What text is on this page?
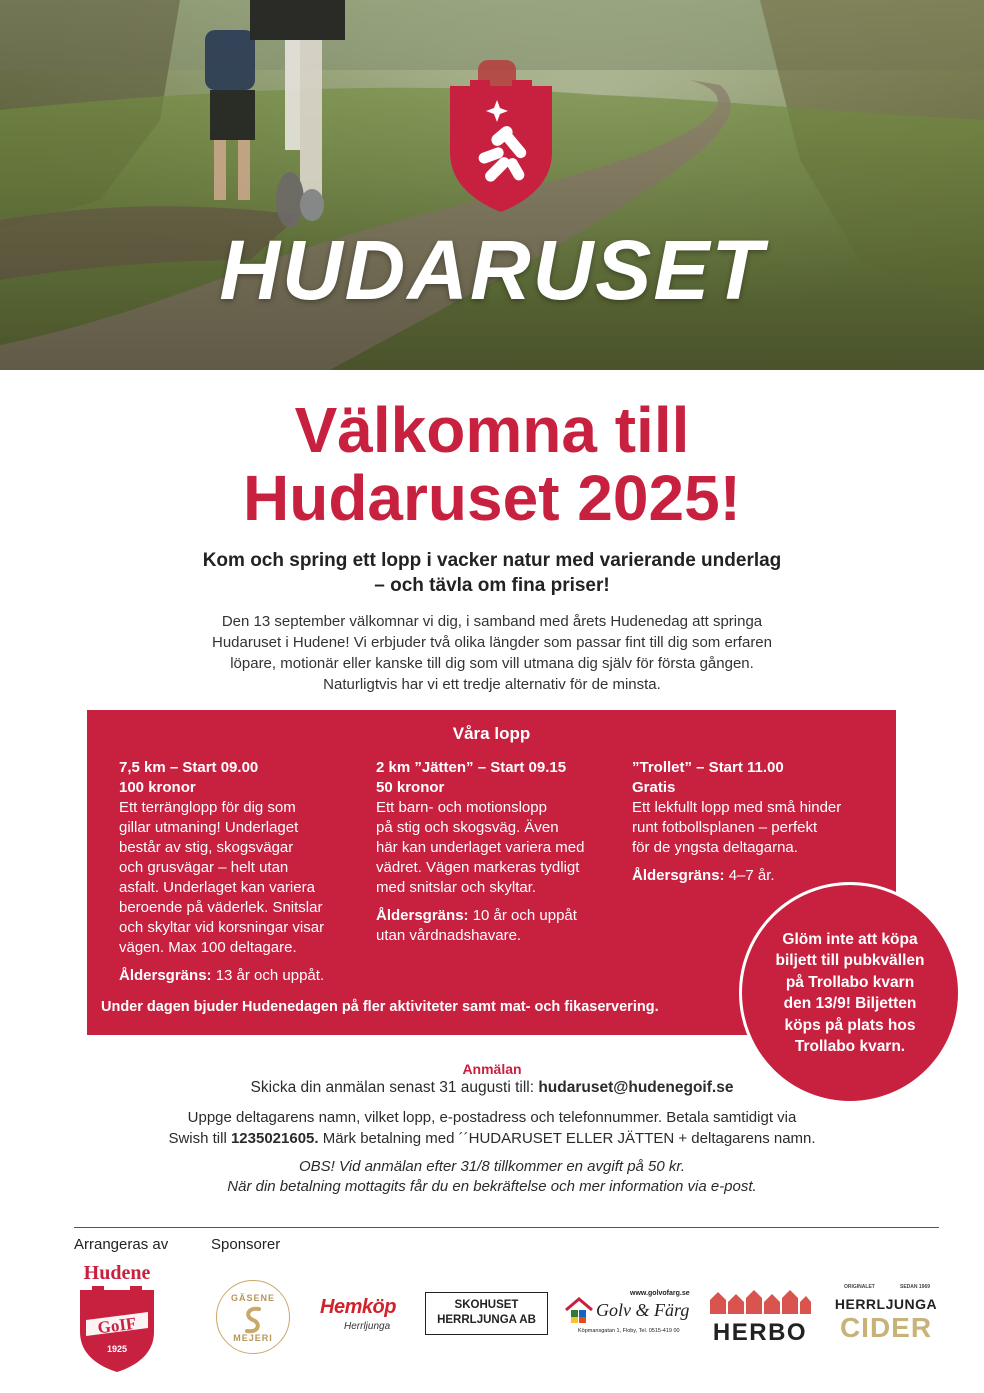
HUDARUSET
Välkomna till
Hudaruset 2025!
Kom och spring ett lopp i vacker natur med varierande underlag
– och tävla om fina priser!
Den 13 september välkomnar vi dig, i samband med årets Hudenedag att springa
Hudaruset i Hudene! Vi erbjuder två olika längder som passar fint till dig som erfaren
löpare, motionär eller kanske till dig som vill utmana dig själv för första gången.
Naturligtvis har vi ett tredje alternativ för de minsta.
Våra lopp
7,5 km – Start 09.00
100 kronor
Ett terränglopp för dig som
gillar utmaning! Underlaget
består av stig, skogsvägar
och grusvägar – helt utan
asfalt. Underlaget kan variera
beroende på väderlek. Snitslar
och skyltar vid korsningar visar
vägen. Max 100 deltagare.
Åldersgräns: 13 år och uppåt.
2 km ”Jätten” – Start 09.15
50 kronor
Ett barn- och motionslopp
på stig och skogsväg. Även
här kan underlaget variera med
vädret. Vägen markeras tydligt
med snitslar och skyltar.
Åldersgräns: 10 år och uppåt
utan vårdnadshavare.
”Trollet” – Start 11.00
Gratis
Ett lekfullt lopp med små hinder
runt fotbollsplanen – perfekt
för de yngsta deltagarna.
Åldersgräns: 4–7 år.
Under dagen bjuder Hudenedagen på fler aktiviteter samt mat- och fikaservering.
Glöm inte att köpa
biljett till pubkvällen
på Trollabo kvarn
den 13/9! Biljetten
köps på plats hos
Trollabo kvarn.
Anmälan
Skicka din anmälan senast 31 augusti till: hudaruset@hudenegoif.se
Uppge deltagarens namn, vilket lopp, e-postadress och telefonnummer. Betala samtidigt via
Swish till 1235021605. Märk betalning med ´´HUDARUSET ELLER JÄTTEN + deltagarens namn.
OBS! Vid anmälan efter 31/8 tillkommer en avgift på 50 kr.
När din betalning mottagits får du en bekräftelse och mer information via e-post.
Arrangeras av	Sponsorer
Hudene
GoIF
1925
GÄSENE
MEJERI
Hemköp
Herrljunga
SKOHUSET
HERRLJUNGA AB
www.golvofarg.se
Golv & Färg
Köpmansgatan 1, Floby, Tel. 0515-419 00 HERBO
ORIGINALET	SEDAN 1969
HERRLJUNGA
CIDER
